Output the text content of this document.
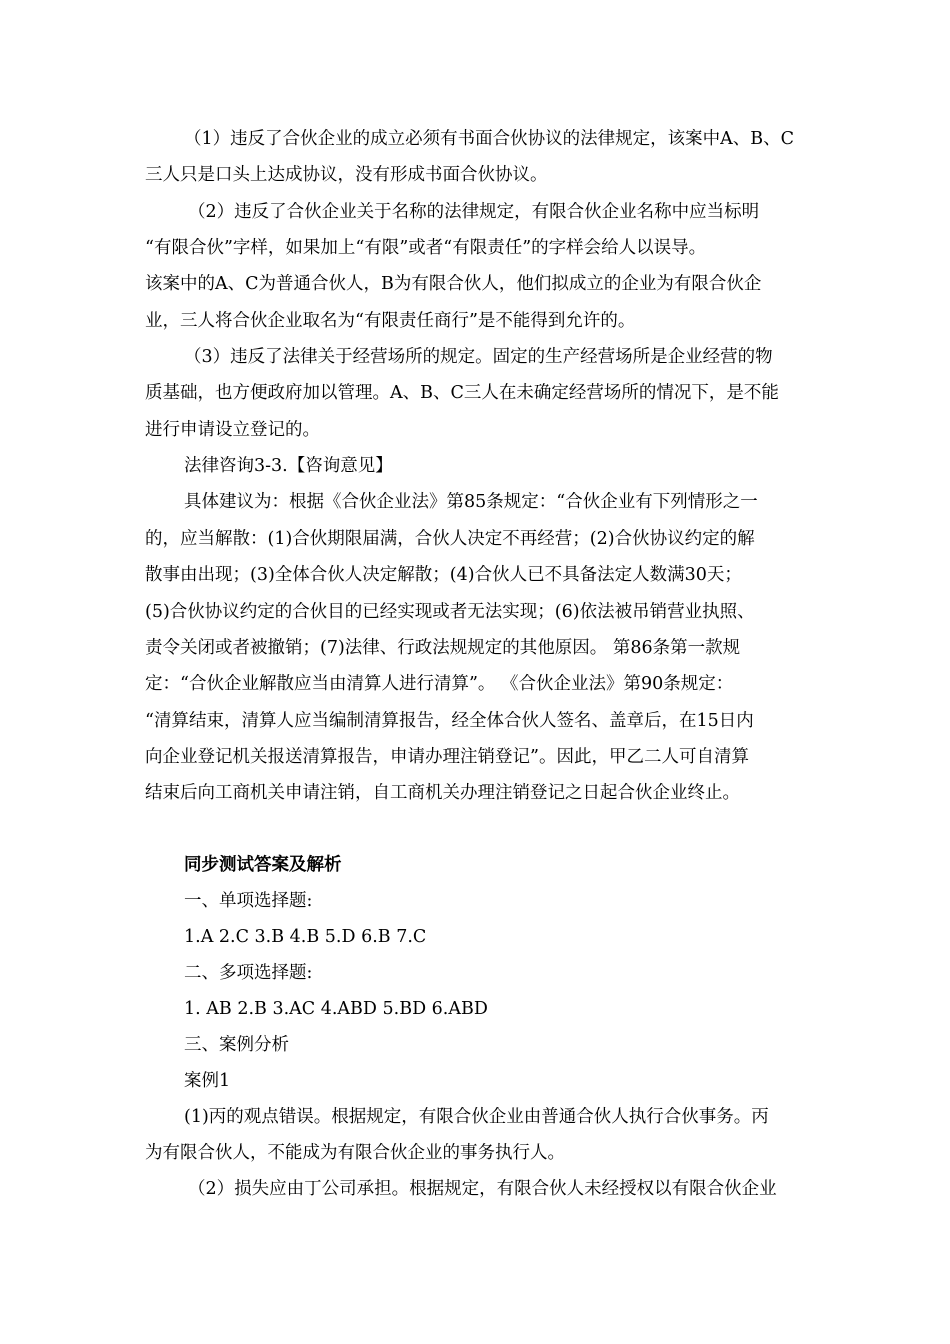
（1）违反了合伙企业的成立必须有书面合伙协议的法律规定，该案中A、B、C
三人只是口头上达成协议，没有形成书面合伙协议。
（2）违反了合伙企业关于名称的法律规定，有限合伙企业名称中应当标明
“有限合伙”字样，如果加上“有限”或者“有限责任”的字样会给人以误导。
该案中的A、C为普通合伙人，B为有限合伙人，他们拟成立的企业为有限合伙企
业，三人将合伙企业取名为“有限责任商行”是不能得到允许的。
（3）违反了法律关于经营场所的规定。固定的生产经营场所是企业经营的物
质基础，也方便政府加以管理。A、B、C三人在未确定经营场所的情况下，是不能
进行申请设立登记的。
法律咨询3-3.【咨询意见】
具体建议为：根据《合伙企业法》第85条规定：“合伙企业有下列情形之一
的，应当解散：(1)合伙期限届满，合伙人决定不再经营；(2)合伙协议约定的解
散事由出现；(3)全体合伙人决定解散；(4)合伙人已不具备法定人数满30天；
(5)合伙协议约定的合伙目的已经实现或者无法实现；(6)依法被吊销营业执照、
责令关闭或者被撤销；(7)法律、行政法规规定的其他原因。 第86条第一款规
定：“合伙企业解散应当由清算人进行清算”。 《合伙企业法》第90条规定：
“清算结束，清算人应当编制清算报告，经全体合伙人签名、盖章后，在15日内
向企业登记机关报送清算报告，申请办理注销登记”。因此，甲乙二人可自清算
结束后向工商机关申请注销，自工商机关办理注销登记之日起合伙企业终止。
同步测试答案及解析
一、单项选择题:
1.A 2.C 3.B 4.B 5.D 6.B 7.C
二、多项选择题:
1. AB 2.B 3.AC 4.ABD 5.BD 6.ABD
三、案例分析
案例1
(1)丙的观点错误。根据规定，有限合伙企业由普通合伙人执行合伙事务。丙
为有限合伙人，不能成为有限合伙企业的事务执行人。
（2）损失应由丁公司承担。根据规定，有限合伙人未经授权以有限合伙企业
